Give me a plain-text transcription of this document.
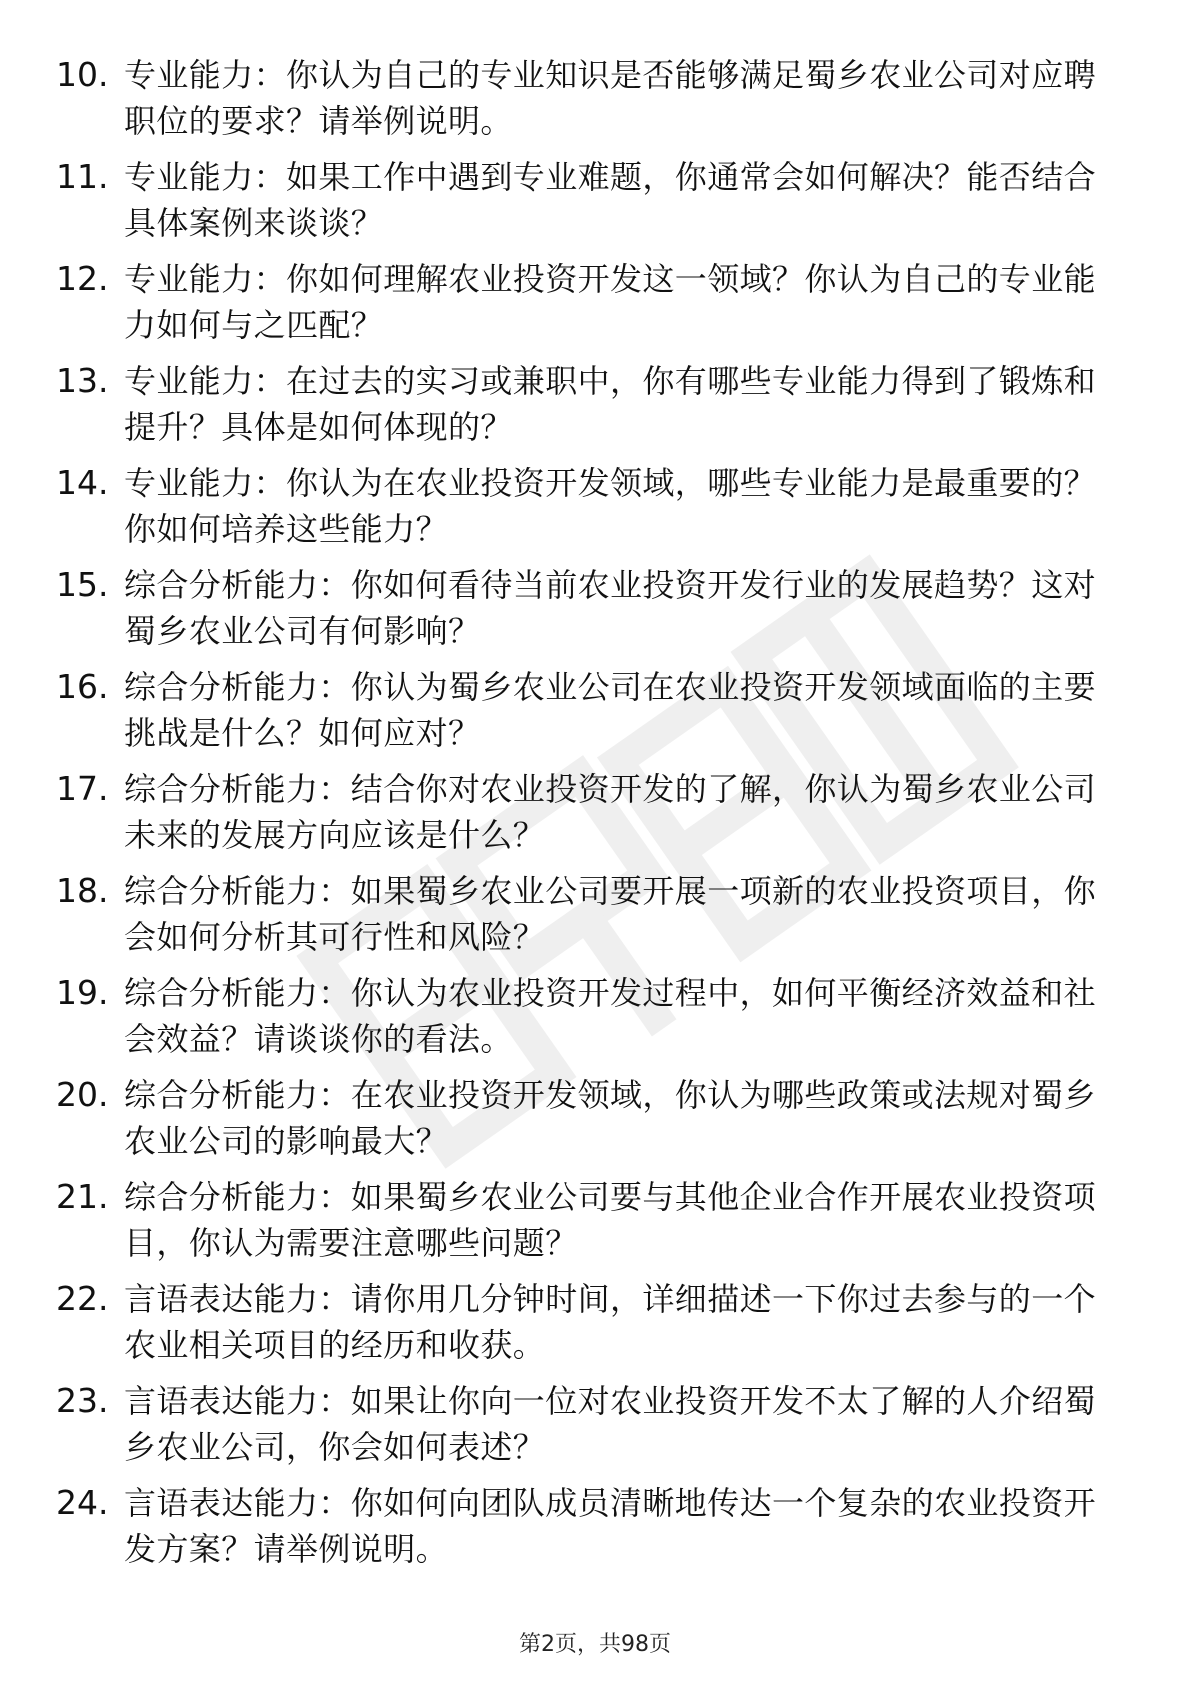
10. 专业能力：你认为自己的专业知识是否能够满足蜀乡农业公司对应聘职位的要求？请举例说明。
11. 专业能力：如果工作中遇到专业难题，你通常会如何解决？能否结合具体案例来谈谈？
12. 专业能力：你如何理解农业投资开发这一领域？你认为自己的专业能力如何与之匹配？
13. 专业能力：在过去的实习或兼职中，你有哪些专业能力得到了锻炼和提升？具体是如何体现的？
14. 专业能力：你认为在农业投资开发领域，哪些专业能力是最重要的？你如何培养这些能力？
15. 综合分析能力：你如何看待当前农业投资开发行业的发展趋势？这对蜀乡农业公司有何影响？
16. 综合分析能力：你认为蜀乡农业公司在农业投资开发领域面临的主要挑战是什么？如何应对？
17. 综合分析能力：结合你对农业投资开发的了解，你认为蜀乡农业公司未来的发展方向应该是什么？
18. 综合分析能力：如果蜀乡农业公司要开展一项新的农业投资项目，你会如何分析其可行性和风险？
19. 综合分析能力：你认为农业投资开发过程中，如何平衡经济效益和社会效益？请谈谈你的看法。
20. 综合分析能力：在农业投资开发领域，你认为哪些政策或法规对蜀乡农业公司的影响最大？
21. 综合分析能力：如果蜀乡农业公司要与其他企业合作开展农业投资项目，你认为需要注意哪些问题？
22. 言语表达能力：请你用几分钟时间，详细描述一下你过去参与的一个农业相关项目的经历和收获。
23. 言语表达能力：如果让你向一位对农业投资开发不太了解的人介绍蜀乡农业公司，你会如何表述？
24. 言语表达能力：你如何向团队成员清晰地传达一个复杂的农业投资开发方案？请举例说明。
第2页，共98页
